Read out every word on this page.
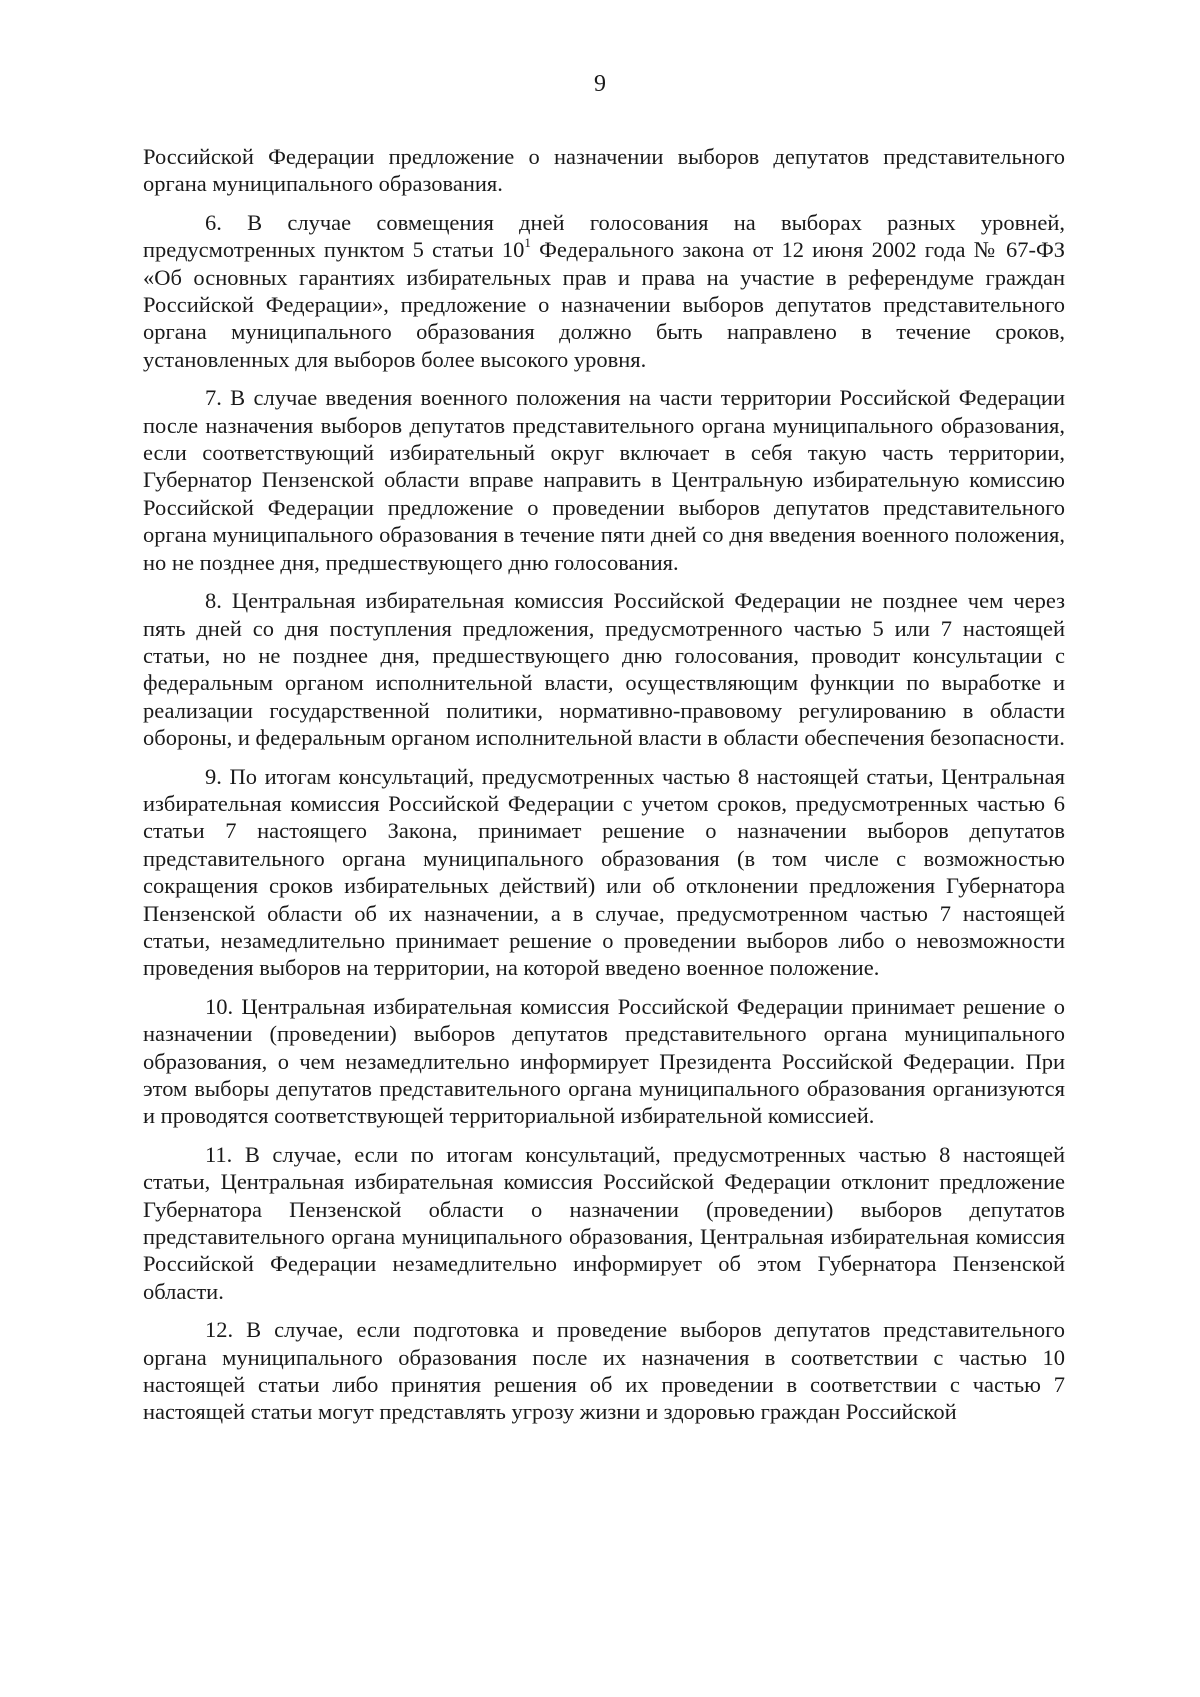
9

Российской Федерации предложение о назначении выборов депутатов представительного органа муниципального образования.

6. В случае совмещения дней голосования на выборах разных уровней, предусмотренных пунктом 5 статьи $10^1$ Федерального закона от 12 июня 2002 года № 67-ФЗ «Об основных гарантиях избирательных прав и права на участие в референдуме граждан Российской Федерации», предложение о назначении выборов депутатов представительного органа муниципального образования должно быть направлено в течение сроков, установленных для выборов более высокого уровня.

7. В случае введения военного положения на части территории Российской Федерации после назначения выборов депутатов представительного органа муниципального образования, если соответствующий избирательный округ включает в себя такую часть территории, Губернатор Пензенской области вправе направить в Центральную избирательную комиссию Российской Федерации предложение о проведении выборов депутатов представительного органа муниципального образования в течение пяти дней со дня введения военного положения, но не позднее дня, предшествующего дню голосования.

8. Центральная избирательная комиссия Российской Федерации не позднее чем через пять дней со дня поступления предложения, предусмотренного частью 5 или 7 настоящей статьи, но не позднее дня, предшествующего дню голосования, проводит консультации с федеральным органом исполнительной власти, осуществляющим функции по выработке и реализации государственной политики, нормативно-правовому регулированию в области обороны, и федеральным органом исполнительной власти в области обеспечения безопасности.

9. По итогам консультаций, предусмотренных частью 8 настоящей статьи, Центральная избирательная комиссия Российской Федерации с учетом сроков, предусмотренных частью 6 статьи 7 настоящего Закона, принимает решение о назначении выборов депутатов представительного органа муниципального образования (в том числе с возможностью сокращения сроков избирательных действий) или об отклонении предложения Губернатора Пензенской области об их назначении, а в случае, предусмотренном частью 7 настоящей статьи, незамедлительно принимает решение о проведении выборов либо о невозможности проведения выборов на территории, на которой введено военное положение.

10. Центральная избирательная комиссия Российской Федерации принимает решение о назначении (проведении) выборов депутатов представительного органа муниципального образования, о чем незамедлительно информирует Президента Российской Федерации. При этом выборы депутатов представительного органа муниципального образования организуются и проводятся соответствующей территориальной избирательной комиссией.

11. В случае, если по итогам консультаций, предусмотренных частью 8 настоящей статьи, Центральная избирательная комиссия Российской Федерации отклонит предложение Губернатора Пензенской области о назначении (проведении) выборов депутатов представительного органа муниципального образования, Центральная избирательная комиссия Российской Федерации незамедлительно информирует об этом Губернатора Пензенской области.

12. В случае, если подготовка и проведение выборов депутатов представительного органа муниципального образования после их назначения в соответствии с частью 10 настоящей статьи либо принятия решения об их проведении в соответствии с частью 7 настоящей статьи могут представлять угрозу жизни и здоровью граждан Российской
